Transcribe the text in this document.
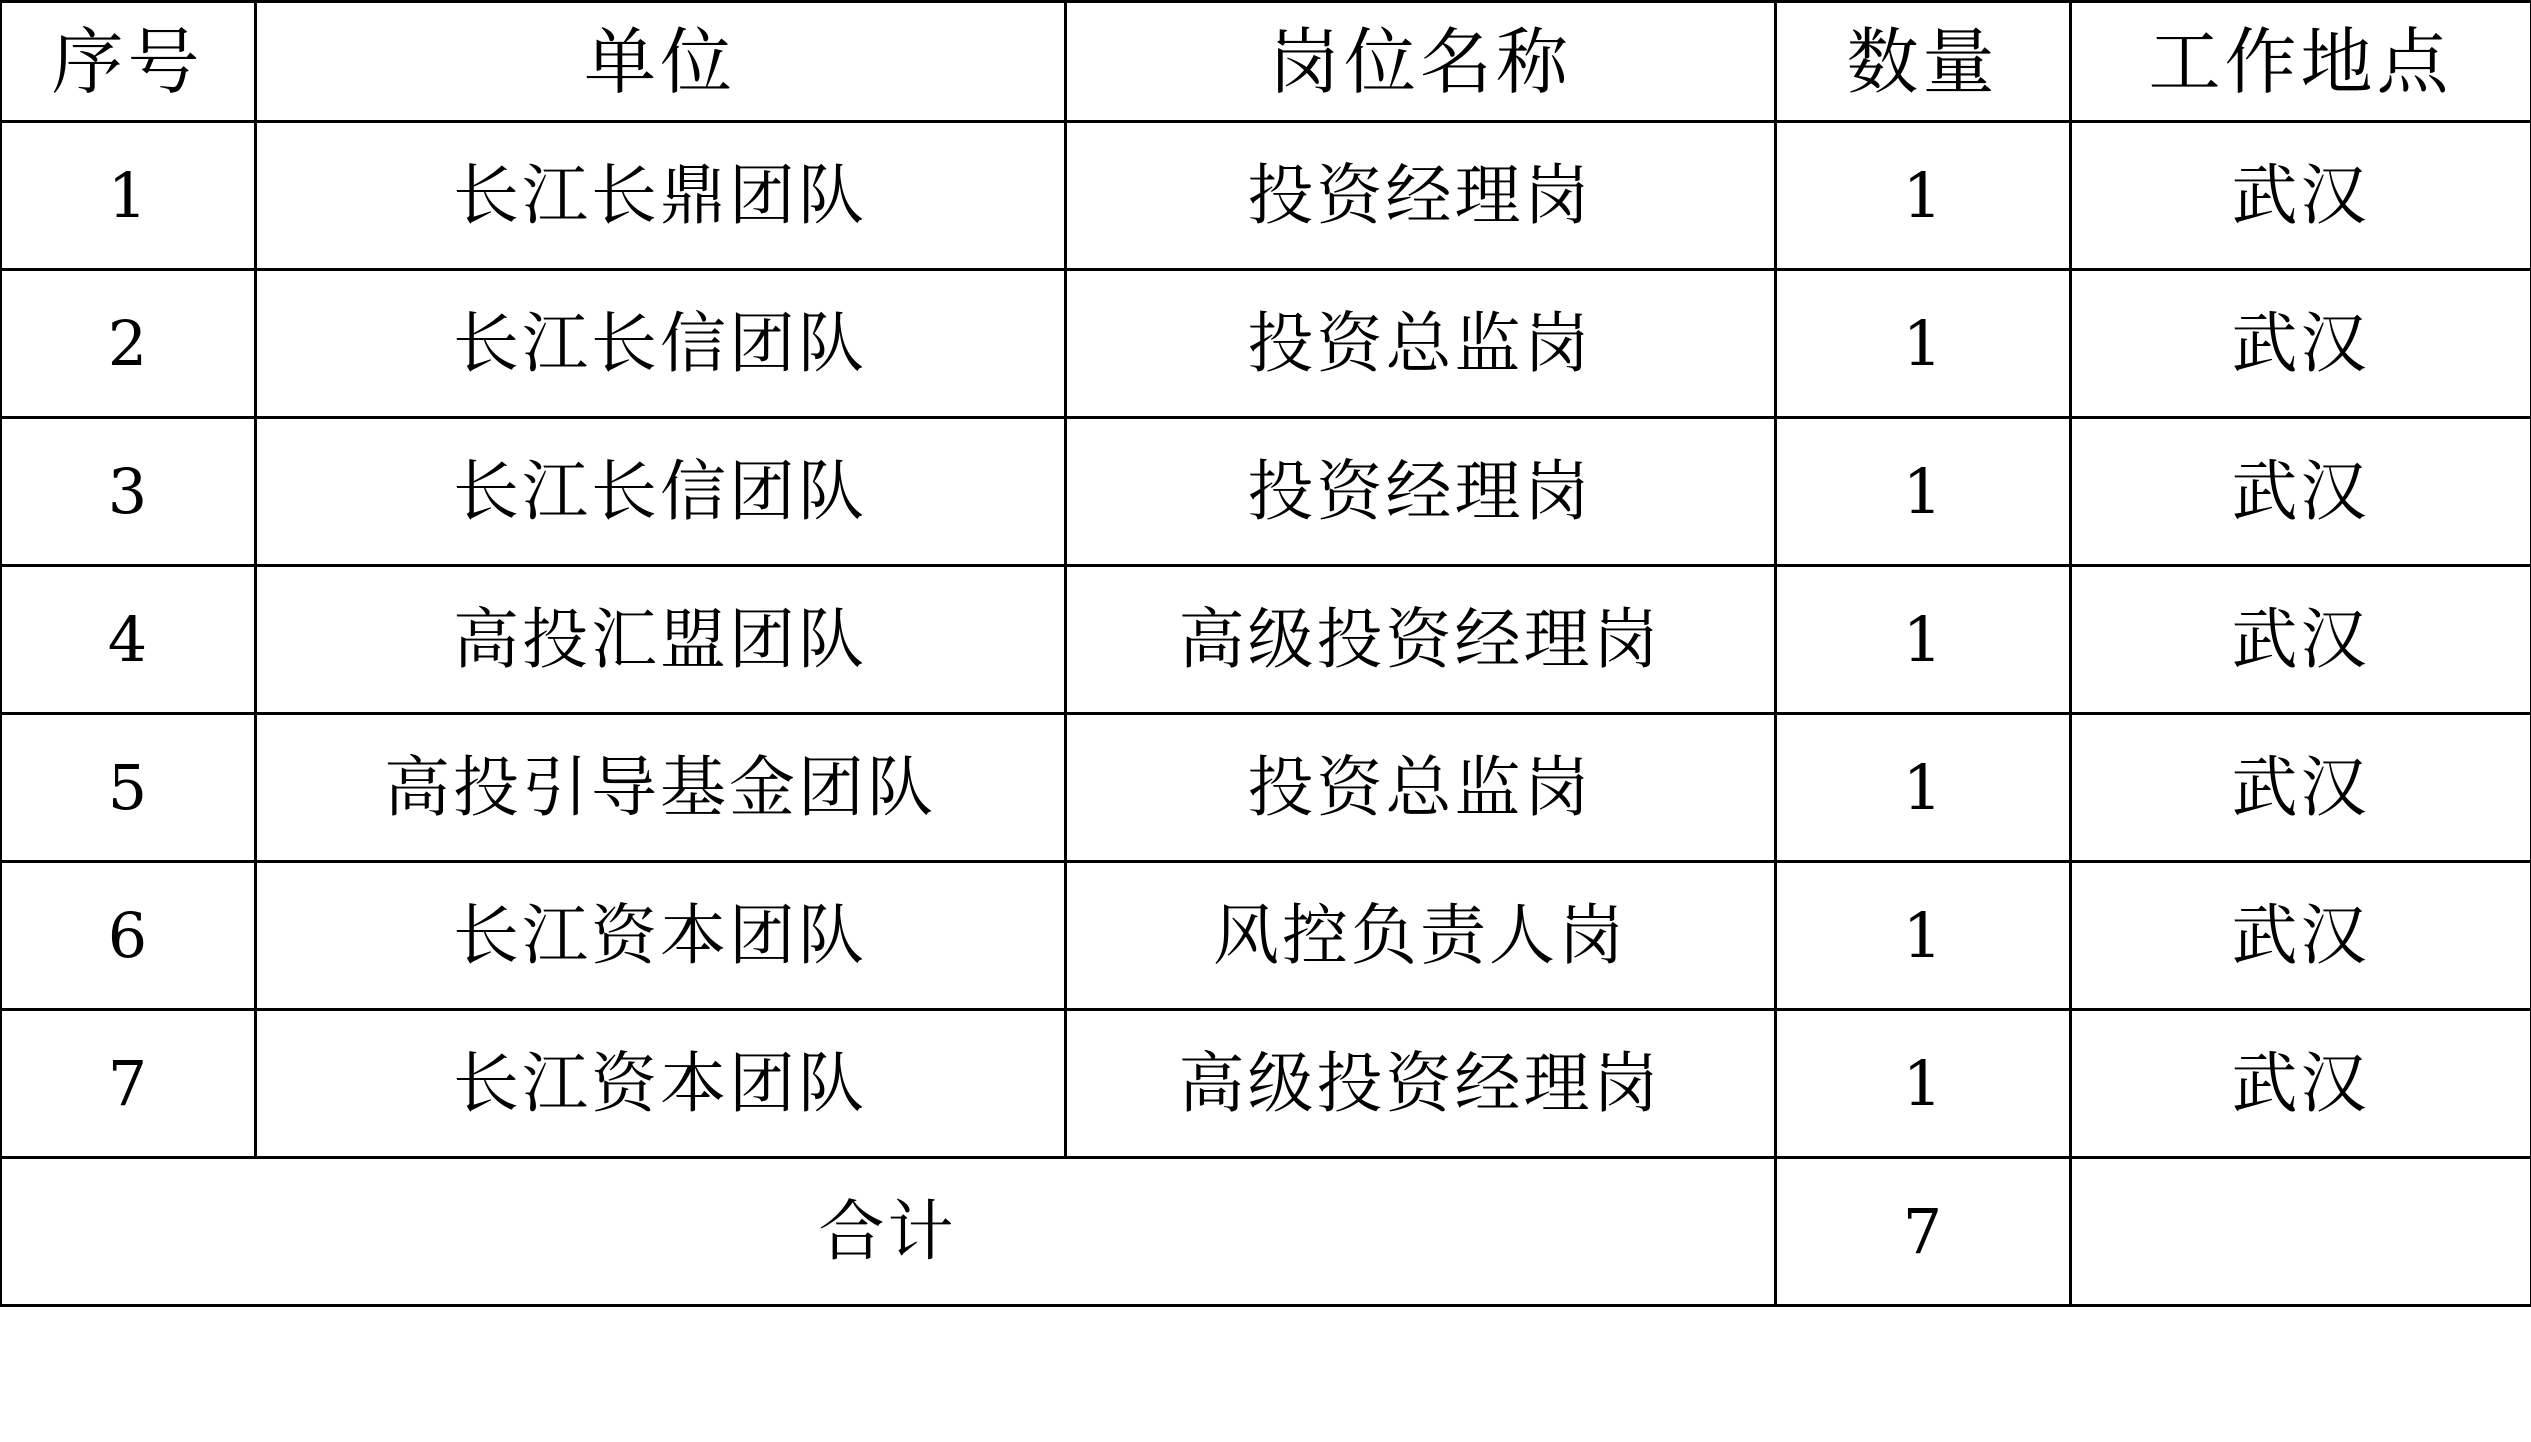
序号	单位	岗位名称	数量	工作地点
1	长江长鼎团队	投资经理岗	1	武汉
2	长江长信团队	投资总监岗	1	武汉
3	长江长信团队	投资经理岗	1	武汉
4	高投汇盟团队	高级投资经理岗	1	武汉
5	高投引导基金团队	投资总监岗	1	武汉
6	长江资本团队	风控负责人岗	1	武汉
7	长江资本团队	高级投资经理岗	1	武汉
合计			7	
